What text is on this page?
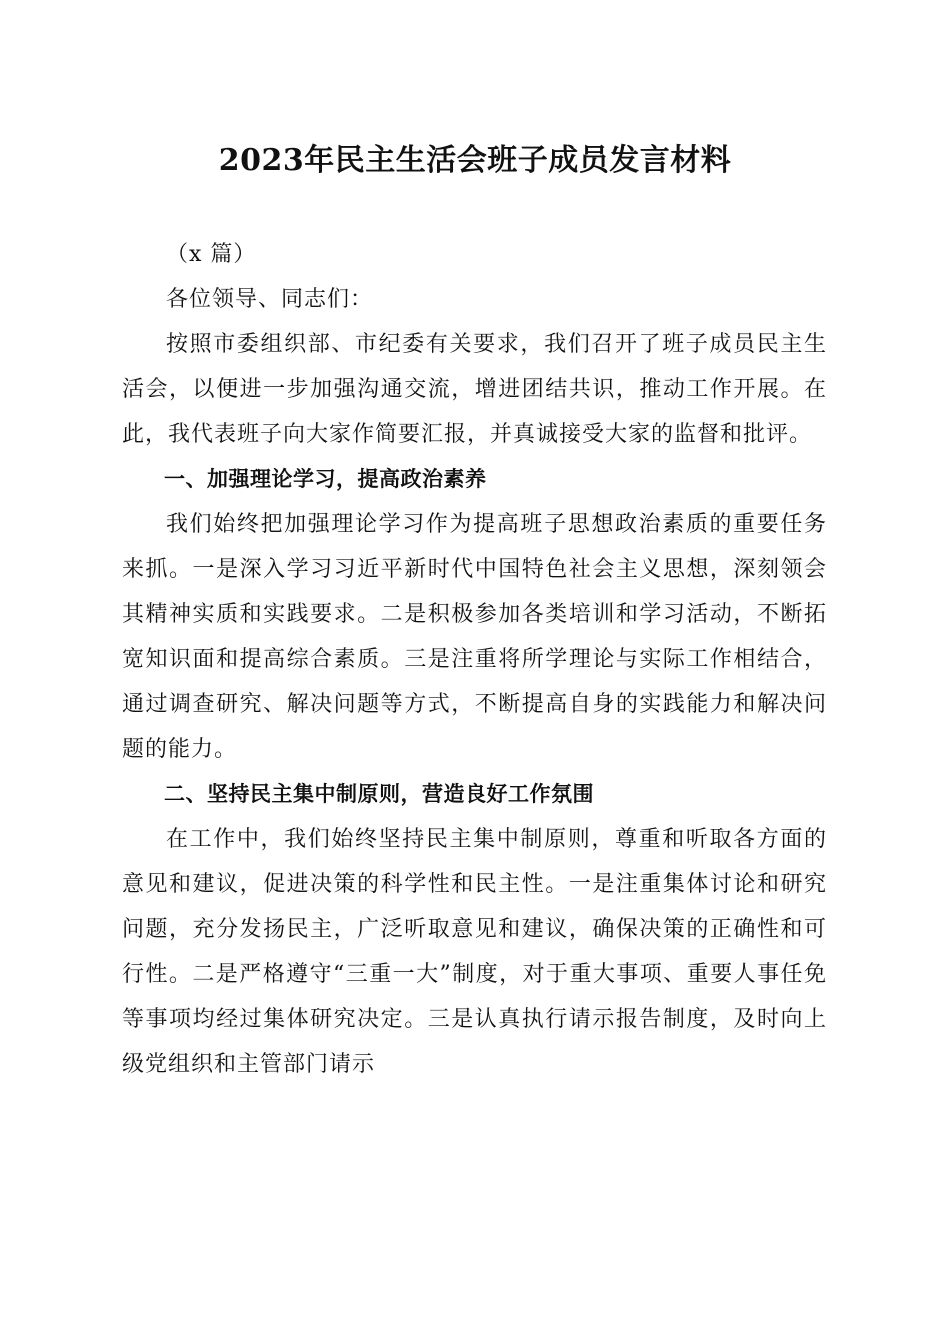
2023年民主生活会班子成员发言材料

（x 篇）

各位领导、同志们：

按照市委组织部、市纪委有关要求，我们召开了班子成员民主生活会，以便进一步加强沟通交流，增进团结共识，推动工作开展。在此，我代表班子向大家作简要汇报，并真诚接受大家的监督和批评。

一、加强理论学习，提高政治素养

我们始终把加强理论学习作为提高班子思想政治素质的重要任务来抓。一是深入学习习近平新时代中国特色社会主义思想，深刻领会其精神实质和实践要求。二是积极参加各类培训和学习活动，不断拓宽知识面和提高综合素质。三是注重将所学理论与实际工作相结合，通过调查研究、解决问题等方式，不断提高自身的实践能力和解决问题的能力。

二、坚持民主集中制原则，营造良好工作氛围

在工作中，我们始终坚持民主集中制原则，尊重和听取各方面的意见和建议，促进决策的科学性和民主性。一是注重集体讨论和研究问题，充分发扬民主，广泛听取意见和建议，确保决策的正确性和可行性。二是严格遵守“三重一大”制度，对于重大事项、重要人事任免等事项均经过集体研究决定。三是认真执行请示报告制度，及时向上级党组织和主管部门请示
